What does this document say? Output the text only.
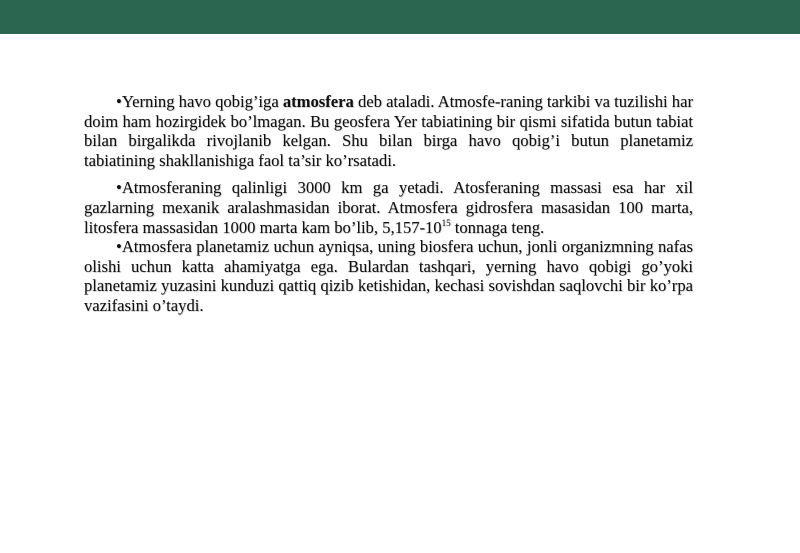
•Yerning havo qobig’iga atmosfera deb ataladi. Atmosfe-raning tarkibi va tuzilishi har doim ham hozirgidek bo’lmagan. Bu geosfera Yer tabiatining bir qismi sifatida butun tabiat bilan birgalikda rivojlanib kelgan. Shu bilan birga havo qobig’i butun planetamiz tabiatining shakllanishiga faol ta’sir ko’rsatadi.

•Atmosferaning qalinligi 3000 km ga yetadi. Atosferaning massasi esa har xil gazlarning mexanik aralashmasidan iborat. Atmosfera gidrosfera masasidan 100 marta, litosfera massasidan 1000 marta kam bo’lib, $5,157-10^{15}$ tonnaga teng.

•Atmosfera planetamiz uchun ayniqsa, uning biosfera uchun, jonli organizmning nafas olishi uchun katta ahamiyatga ega. Bulardan tashqari, yerning havo qobigi go’yoki planetamiz yuzasini kunduzi qattiq qizib ketishidan, kechasi sovishdan saqlovchi bir ko’rpa vazifasini o’taydi.
